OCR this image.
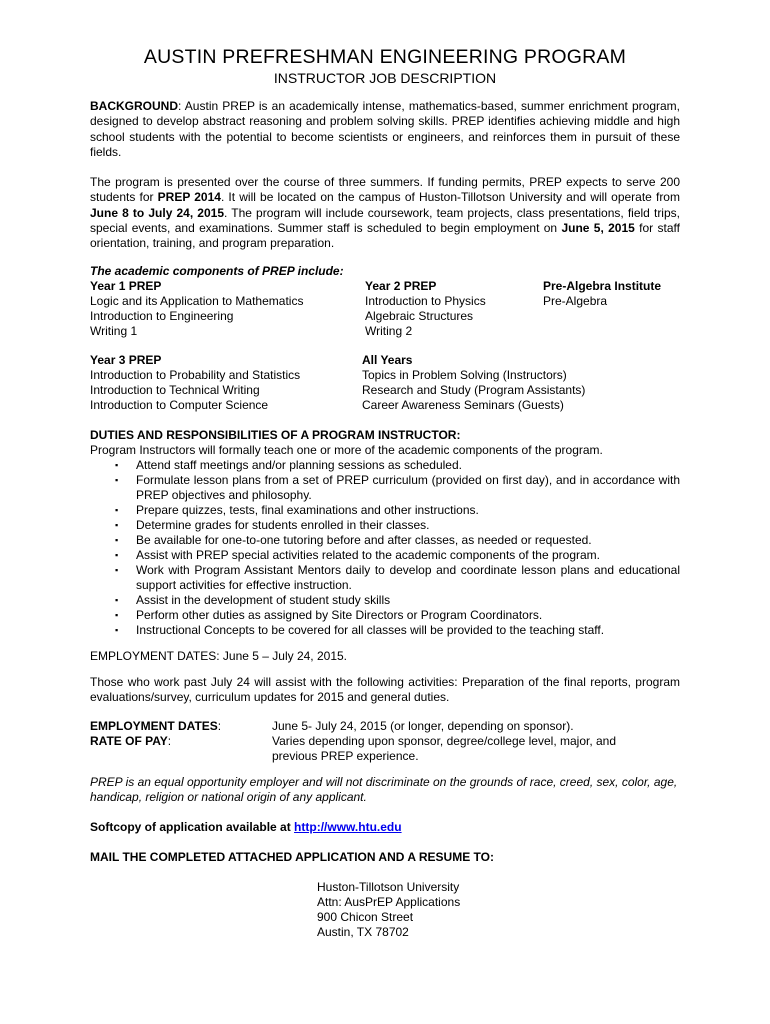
AUSTIN PREFRESHMAN ENGINEERING PROGRAM
INSTRUCTOR JOB DESCRIPTION
BACKGROUND: Austin PREP is an academically intense, mathematics-based, summer enrichment program, designed to develop abstract reasoning and problem solving skills. PREP identifies achieving middle and high school students with the potential to become scientists or engineers, and reinforces them in pursuit of these fields.
The program is presented over the course of three summers. If funding permits, PREP expects to serve 200 students for PREP 2014. It will be located on the campus of Huston-Tillotson University and will operate from June 8 to July 24, 2015. The program will include coursework, team projects, class presentations, field trips, special events, and examinations. Summer staff is scheduled to begin employment on June 5, 2015 for staff orientation, training, and program preparation.
The academic components of PREP include:
Year 1 PREP
Logic and its Application to Mathematics
Introduction to Engineering
Writing 1
Year 2 PREP
Introduction to Physics
Algebraic Structures
Writing 2
Pre-Algebra Institute
Pre-Algebra
Year 3 PREP
Introduction to Probability and Statistics
Introduction to Technical Writing
Introduction to Computer Science
All Years
Topics in Problem Solving (Instructors)
Research and Study (Program Assistants)
Career Awareness Seminars (Guests)
DUTIES AND RESPONSIBILITIES OF A PROGRAM INSTRUCTOR:
Program Instructors will formally teach one or more of the academic components of the program.
▪ Attend staff meetings and/or planning sessions as scheduled.
▪ Formulate lesson plans from a set of PREP curriculum (provided on first day), and in accordance with PREP objectives and philosophy.
▪ Prepare quizzes, tests, final examinations and other instructions.
▪ Determine grades for students enrolled in their classes.
▪ Be available for one-to-one tutoring before and after classes, as needed or requested.
▪ Assist with PREP special activities related to the academic components of the program.
▪ Work with Program Assistant Mentors daily to develop and coordinate lesson plans and educational support activities for effective instruction.
▪ Assist in the development of student study skills
▪ Perform other duties as assigned by Site Directors or Program Coordinators.
▪ Instructional Concepts to be covered for all classes will be provided to the teaching staff.
EMPLOYMENT DATES: June 5 – July 24, 2015.
Those who work past July 24 will assist with the following activities: Preparation of the final reports, program evaluations/survey, curriculum updates for 2015 and general duties.
EMPLOYMENT DATES:	June 5- July 24, 2015 (or longer, depending on sponsor).
RATE OF PAY:	Varies depending upon sponsor, degree/college level, major, and
previous PREP experience.
PREP is an equal opportunity employer and will not discriminate on the grounds of race, creed, sex, color, age, handicap, religion or national origin of any applicant.
Softcopy of application available at http://www.htu.edu
MAIL THE COMPLETED ATTACHED APPLICATION AND A RESUME TO:
Huston-Tillotson University
Attn: AusPrEP Applications
900 Chicon Street
Austin, TX 78702
